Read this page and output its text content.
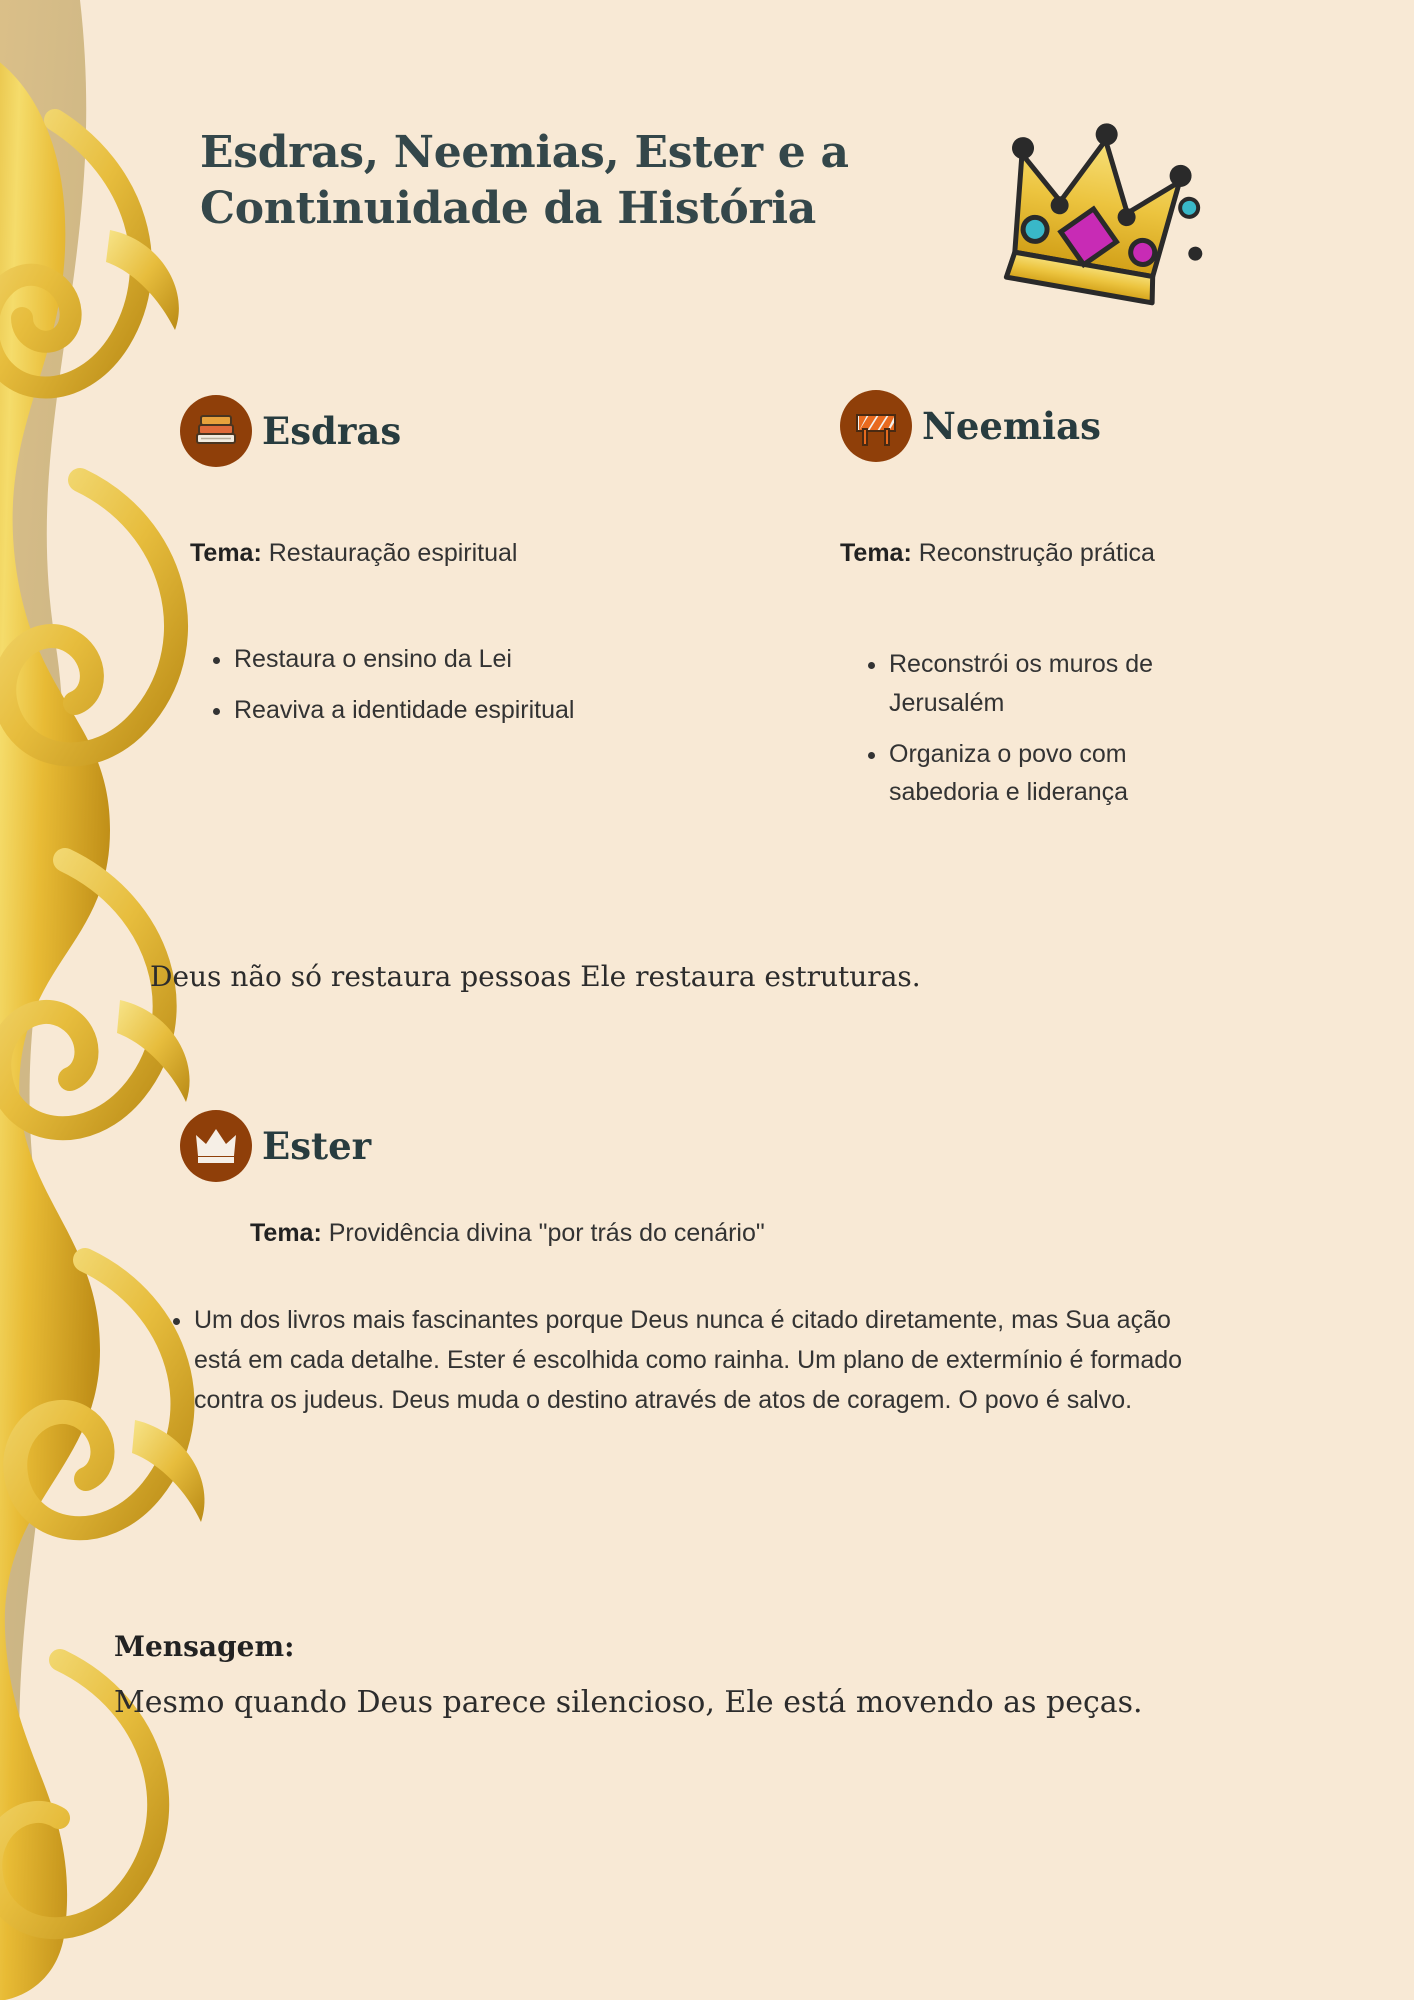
Esdras, Neemias, Ester e a Continuidade da História
Esdras
Tema: Restauração espiritual
• Restaura o ensino da Lei
• Reaviva a identidade espiritual
Neemias
Tema: Reconstrução prática
• Reconstrói os muros de Jerusalém
• Organiza o povo com sabedoria e liderança
Deus não só restaura pessoas Ele restaura estruturas.
Ester
Tema: Providência divina "por trás do cenário"
• Um dos livros mais fascinantes porque Deus nunca é citado diretamente, mas Sua ação está em cada detalhe. Ester é escolhida como rainha. Um plano de extermínio é formado contra os judeus. Deus muda o destino através de atos de coragem. O povo é salvo.
Mensagem:
Mesmo quando Deus parece silencioso, Ele está movendo as peças.
